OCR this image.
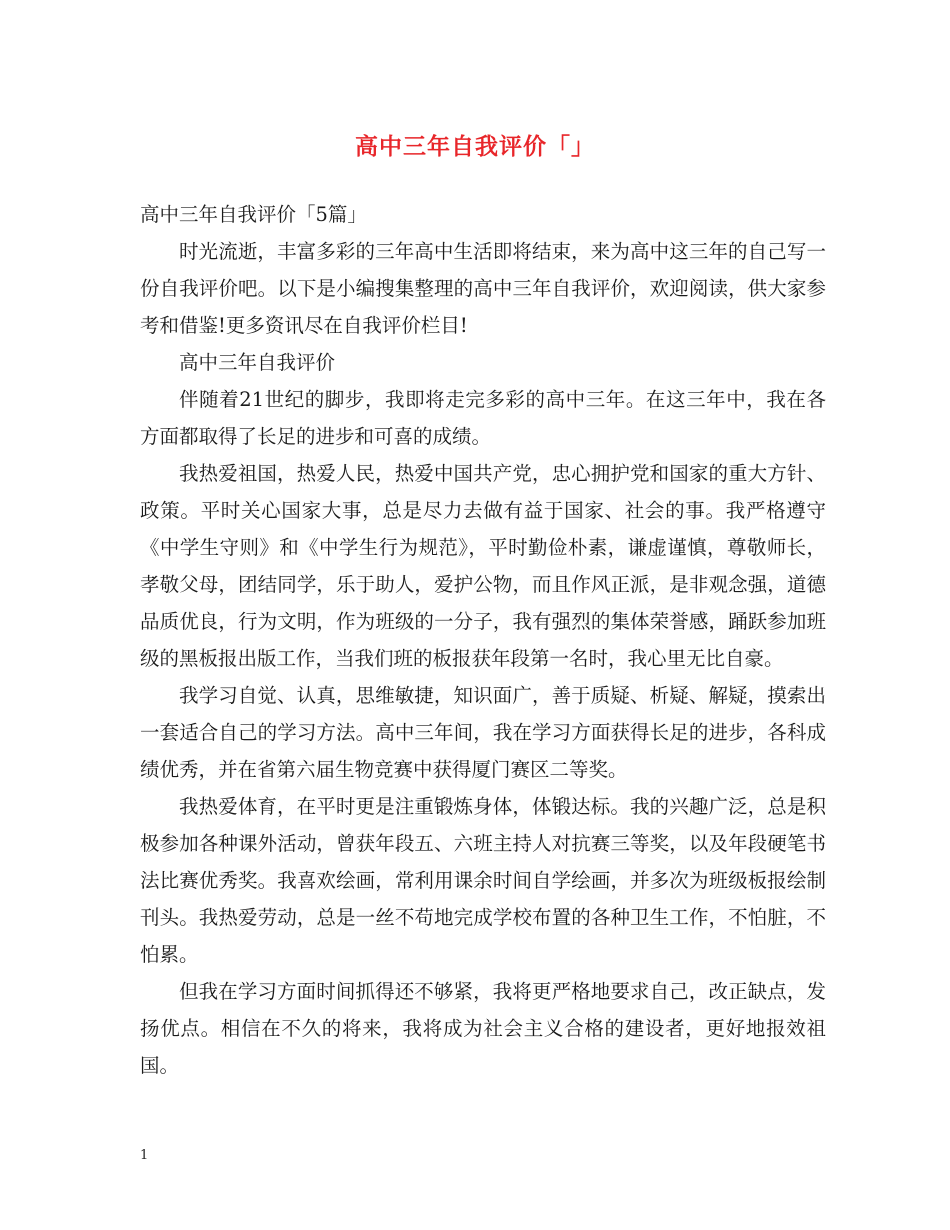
高中三年自我评价「」

高中三年自我评价「5篇」

时光流逝，丰富多彩的三年高中生活即将结束，来为高中这三年的自己写一份自我评价吧。以下是小编搜集整理的高中三年自我评价，欢迎阅读，供大家参考和借鉴!更多资讯尽在自我评价栏目!

高中三年自我评价

伴随着21世纪的脚步，我即将走完多彩的高中三年。在这三年中，我在各方面都取得了长足的进步和可喜的成绩。

我热爱祖国，热爱人民，热爱中国共产党，忠心拥护党和国家的重大方针、政策。平时关心国家大事，总是尽力去做有益于国家、社会的事。我严格遵守《中学生守则》和《中学生行为规范》，平时勤俭朴素，谦虚谨慎，尊敬师长，孝敬父母，团结同学，乐于助人，爱护公物，而且作风正派，是非观念强，道德品质优良，行为文明，作为班级的一分子，我有强烈的集体荣誉感，踊跃参加班级的黑板报出版工作，当我们班的板报获年段第一名时，我心里无比自豪。

我学习自觉、认真，思维敏捷，知识面广，善于质疑、析疑、解疑，摸索出一套适合自己的学习方法。高中三年间，我在学习方面获得长足的进步，各科成绩优秀，并在省第六届生物竞赛中获得厦门赛区二等奖。

我热爱体育，在平时更是注重锻炼身体，体锻达标。我的兴趣广泛，总是积极参加各种课外活动，曾获年段五、六班主持人对抗赛三等奖，以及年段硬笔书法比赛优秀奖。我喜欢绘画，常利用课余时间自学绘画，并多次为班级板报绘制刊头。我热爱劳动，总是一丝不苟地完成学校布置的各种卫生工作，不怕脏，不怕累。

但我在学习方面时间抓得还不够紧，我将更严格地要求自己，改正缺点，发扬优点。相信在不久的将来，我将成为社会主义合格的建设者，更好地报效祖国。

1
